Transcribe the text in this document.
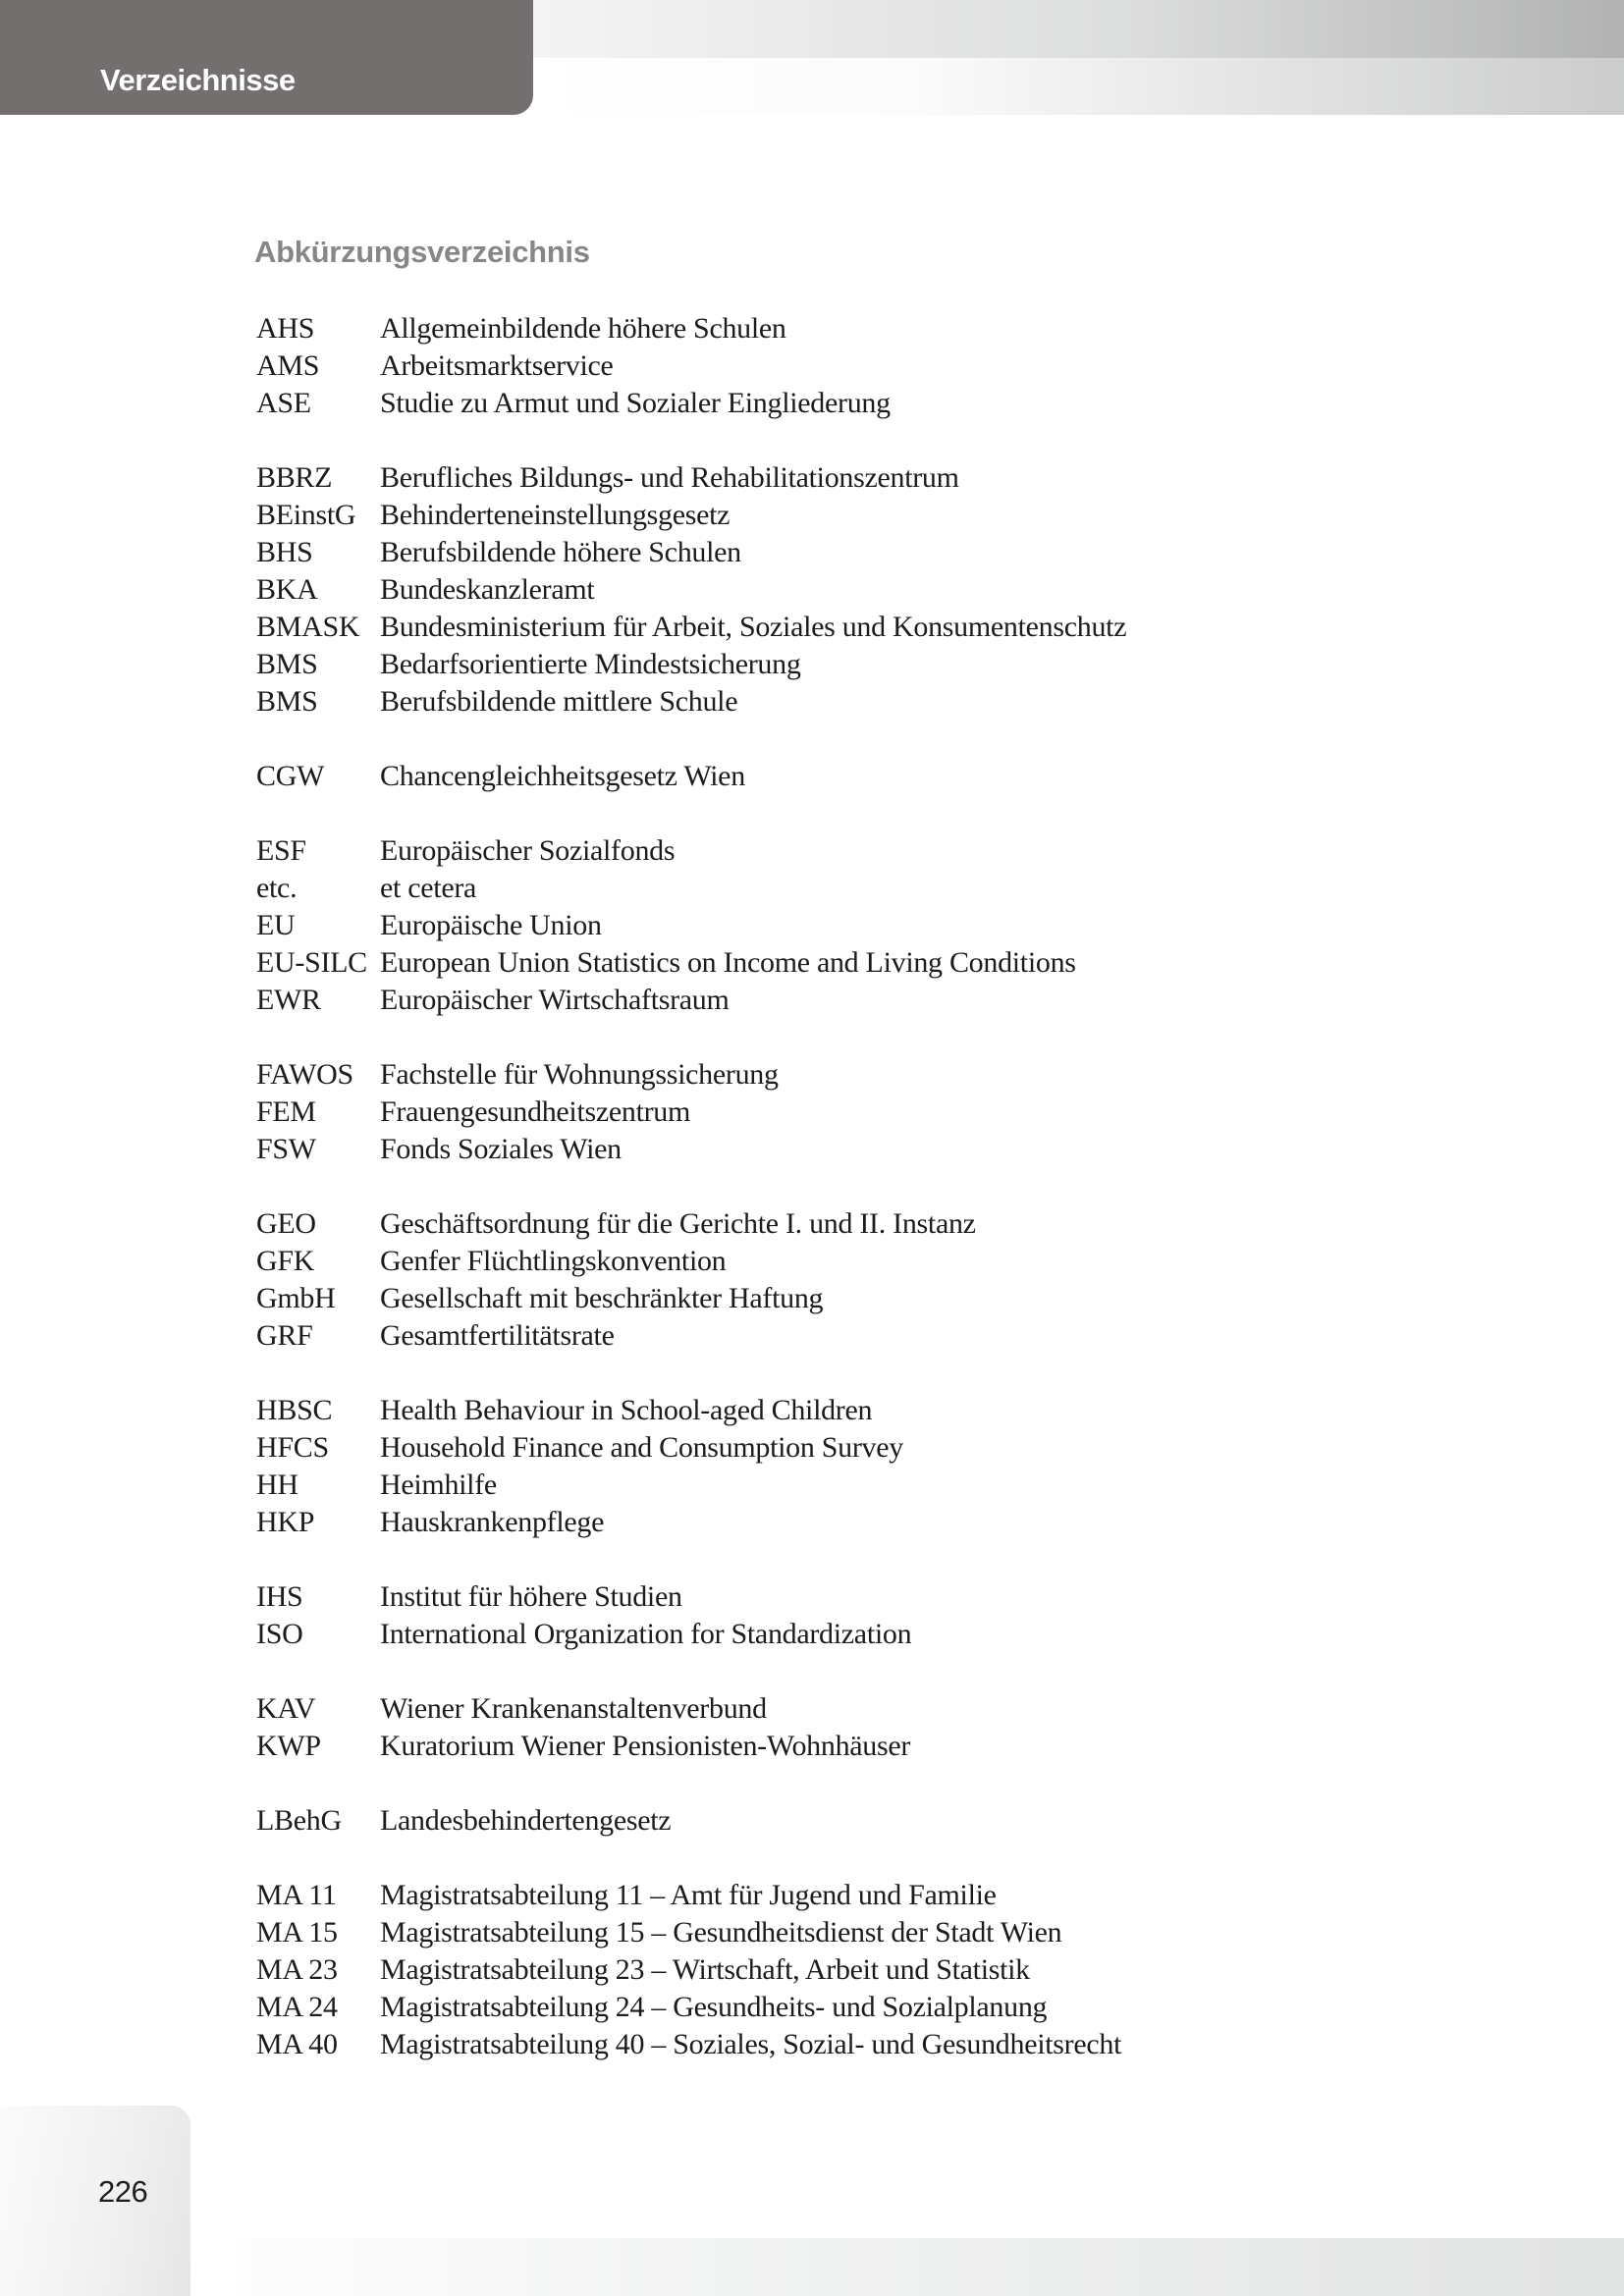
Verzeichnisse
Abkürzungsverzeichnis
AHS Allgemeinbildende höhere Schulen
AMS Arbeitsmarktservice
ASE Studie zu Armut und Sozialer Eingliederung
BBRZ Berufliches Bildungs- und Rehabilitationszentrum
BEinstG Behinderteneinstellungsgesetz
BHS Berufsbildende höhere Schulen
BKA Bundeskanzleramt
BMASK Bundesministerium für Arbeit, Soziales und Konsumentenschutz
BMS Bedarfsorientierte Mindestsicherung
BMS Berufsbildende mittlere Schule
CGW Chancengleichheitsgesetz Wien
ESF	Europäischer Sozialfonds
etc.	et cetera
EU	Europäische Union
EU-SILC European Union Statistics on Income and Living Conditions
EWR Europäischer Wirtschaftsraum
FAWOS Fachstelle für Wohnungssicherung
FEM Frauengesundheitszentrum
FSW Fonds Soziales Wien
GEO Geschäftsordnung für die Gerichte I. und II. Instanz
GFK Genfer Flüchtlingskonvention
GmbH Gesellschaft mit beschränkter Haftung
GRF Gesamtfertilitätsrate
HBSC Health Behaviour in School-aged Children
HFCS Household Finance and Consumption Survey
HH	Heimhilfe
HKP Hauskrankenpflege
IHS	Institut für höhere Studien
ISO	International Organization for Standardization
KAV Wiener Krankenanstaltenverbund
KWP Kuratorium Wiener Pensionisten-Wohnhäuser
LBehG Landesbehindertengesetz
MA 11 Magistratsabteilung 11 – Amt für Jugend und Familie
MA 15 Magistratsabteilung 15 – Gesundheitsdienst der Stadt Wien
MA 23 Magistratsabteilung 23 – Wirtschaft, Arbeit und Statistik
MA 24 Magistratsabteilung 24 – Gesundheits- und Sozialplanung
MA 40 Magistratsabteilung 40 – Soziales, Sozial- und Gesundheitsrecht
226
